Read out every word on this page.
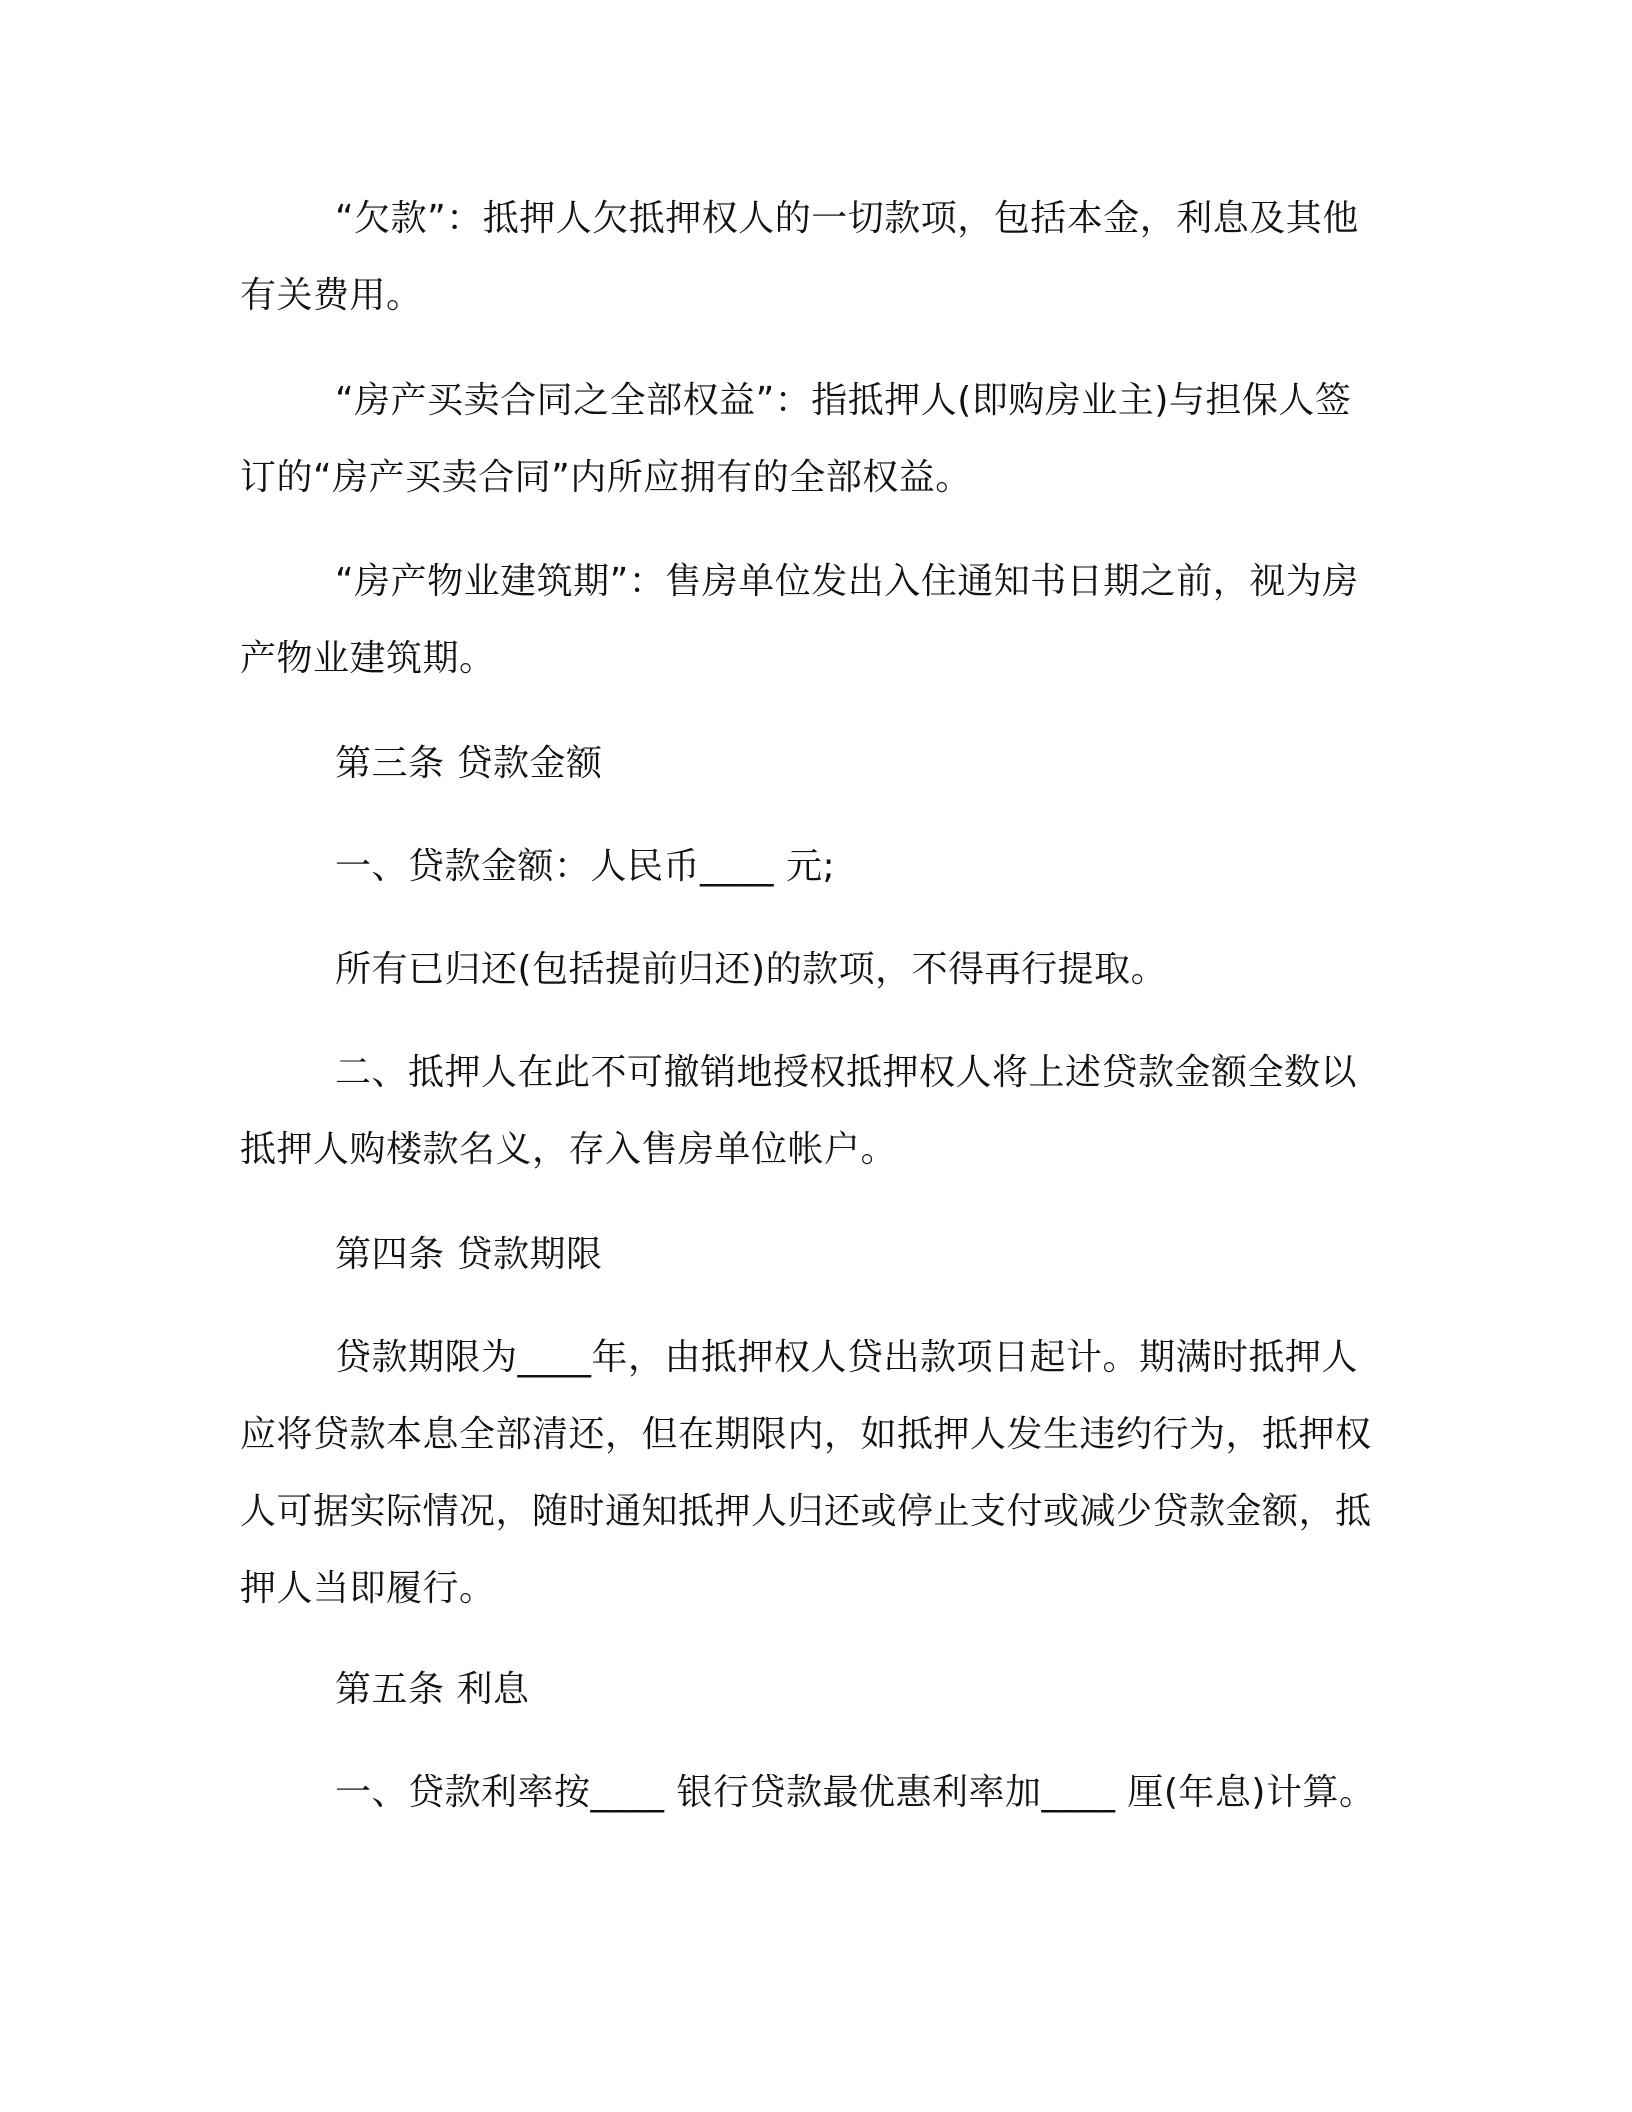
“欠款”：抵押人欠抵押权人的一切款项，包括本金，利息及其他有关费用。

“房产买卖合同之全部权益”：指抵押人(即购房业主)与担保人签订的“房产买卖合同”内所应拥有的全部权益。

“房产物业建筑期”：售房单位发出入住通知书日期之前，视为房产物业建筑期。

第三条 贷款金额

一、贷款金额：人民币____ 元;

所有已归还(包括提前归还)的款项，不得再行提取。

二、抵押人在此不可撤销地授权抵押权人将上述贷款金额全数以抵押人购楼款名义，存入售房单位帐户。

第四条 贷款期限

贷款期限为____年，由抵押权人贷出款项日起计。期满时抵押人应将贷款本息全部清还，但在期限内，如抵押人发生违约行为，抵押权人可据实际情况，随时通知抵押人归还或停止支付或减少贷款金额，抵押人当即履行。

第五条 利息

一、贷款利率按____ 银行贷款最优惠利率加____ 厘(年息)计算。
